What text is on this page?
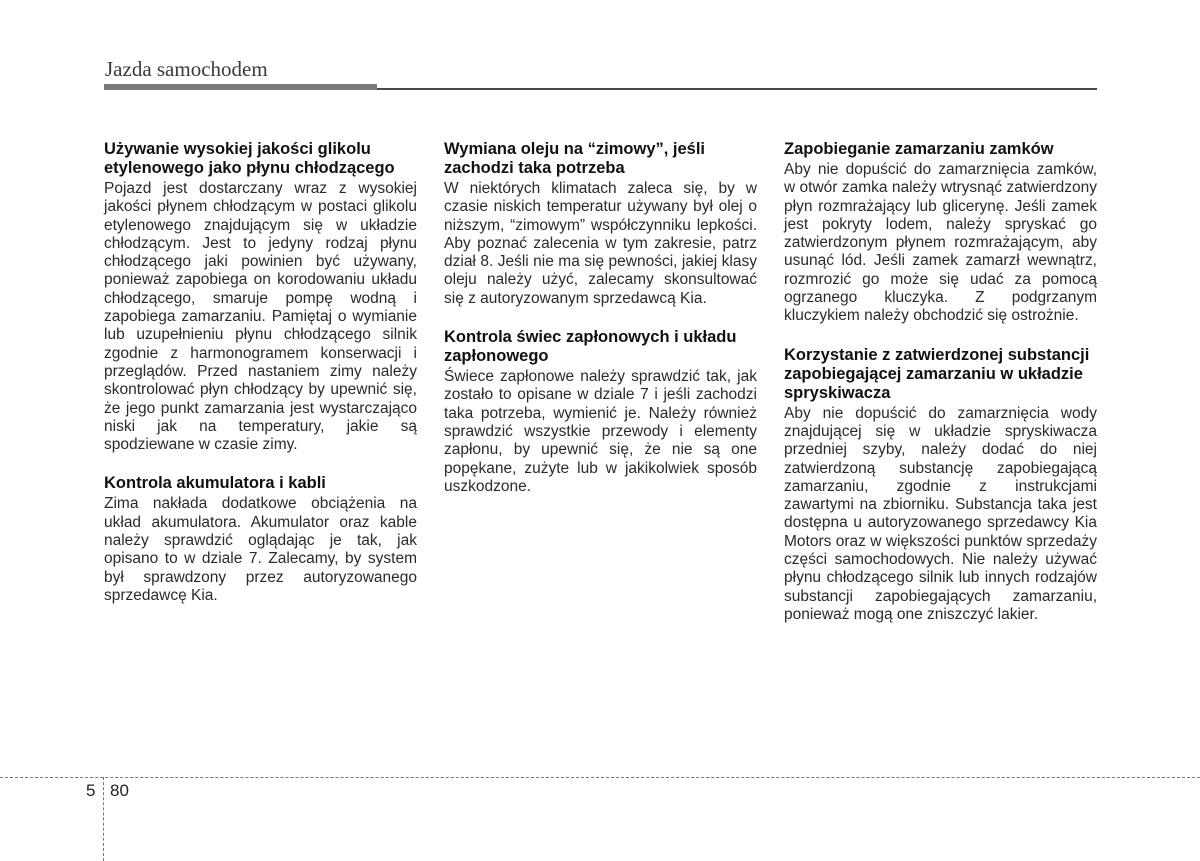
Jazda samochodem
Używanie wysokiej jakości glikolu etylenowego jako płynu chłodzącego

Pojazd jest dostarczany wraz z wysokiej jakości płynem chłodzącym w postaci glikolu etylenowego znajdującym się w układzie chłodzącym. Jest to jedyny rodzaj płynu chłodzącego jaki powinien być używany, ponieważ zapobiega on korodowaniu układu chłodzącego, smaruje pompę wodną i zapobiega zamarzaniu. Pamiętaj o wymianie lub uzupełnieniu płynu chłodzącego silnik zgodnie z harmonogramem konserwacji i przeglądów. Przed nastaniem zimy należy skontrolować płyn chłodzący by upewnić się, że jego punkt zamarzania jest wystarczająco niski jak na temperatury, jakie są spodziewane w czasie zimy.

Kontrola akumulatora i kabli

Zima nakłada dodatkowe obciążenia na układ akumulatora. Akumulator oraz kable należy sprawdzić oglądając je tak, jak opisano to w dziale 7. Zalecamy, by system był sprawdzony przez autoryzowanego sprzedawcę Kia.

Wymiana oleju na “zimowy”, jeśli zachodzi taka potrzeba

W niektórych klimatach zaleca się, by w czasie niskich temperatur używany był olej o niższym, “zimowym” współczynniku lepkości. Aby poznać zalecenia w tym zakresie, patrz dział 8. Jeśli nie ma się pewności, jakiej klasy oleju należy użyć, zalecamy skonsultować się z autoryzowanym sprzedawcą Kia.

Kontrola świec zapłonowych i układu zapłonowego

Świece zapłonowe należy sprawdzić tak, jak zostało to opisane w dziale 7 i jeśli zachodzi taka potrzeba, wymienić je. Należy również sprawdzić wszystkie przewody i elementy zapłonu, by upewnić się, że nie są one popękane, zużyte lub w jakikolwiek sposób uszkodzone.

Zapobieganie zamarzaniu zamków

Aby nie dopuścić do zamarznięcia zamków, w otwór zamka należy wtrysnąć zatwierdzony płyn rozmrażający lub glicerynę. Jeśli zamek jest pokryty lodem, należy spryskać go zatwierdzonym płynem rozmrażającym, aby usunąć lód. Jeśli zamek zamarzł wewnątrz, rozmrozić go może się udać za pomocą ogrzanego kluczyka. Z podgrzanym kluczykiem należy obchodzić się ostrożnie.

Korzystanie z zatwierdzonej substancji zapobiegającej zamarzaniu w układzie spryskiwacza

Aby nie dopuścić do zamarznięcia wody znajdującej się w układzie spryskiwacza przedniej szyby, należy dodać do niej zatwierdzoną substancję zapobiegającą zamarzaniu, zgodnie z instrukcjami zawartymi na zbiorniku. Substancja taka jest dostępna u autoryzowanego sprzedawcy Kia Motors oraz w większości punktów sprzedaży części samochodowych. Nie należy używać płynu chłodzącego silnik lub innych rodzajów substancji zapobiegających zamarzaniu, ponieważ mogą one zniszczyć lakier.

5 80
